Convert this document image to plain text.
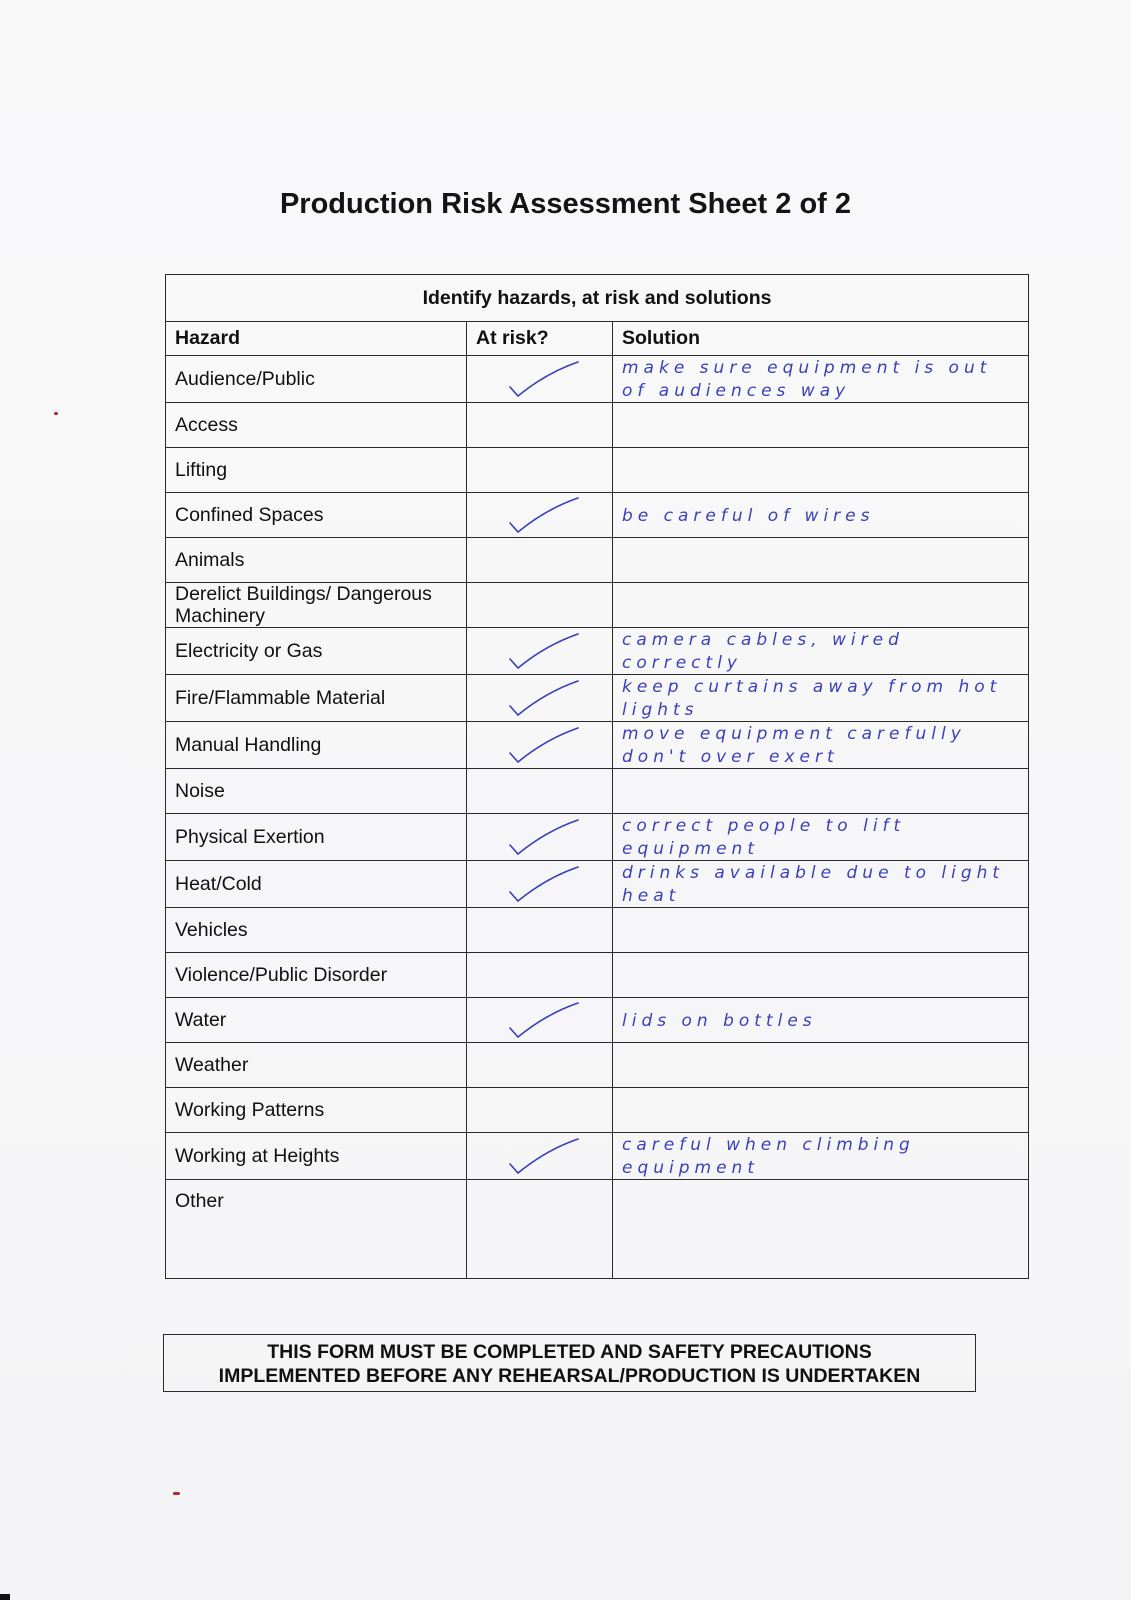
Production Risk Assessment Sheet 2 of 2
Identify hazards, at risk and solutions		
Hazard	At risk?	Solution
Audience/Public		make sure equipment is out of audiences way
Access		
Lifting		
Confined Spaces		be careful of wires
Animals		
Derelict Buildings/ Dangerous Machinery		
Electricity or Gas		camera cables, wired correctly
Fire/Flammable Material		keep curtains away from hot lights
Manual Handling		move equipment carefully don't over exert
Noise		
Physical Exertion		correct people to lift equipment
Heat/Cold		drinks available due to light heat
Vehicles		
Violence/Public Disorder		
Water		lids on bottles
Weather		
Working Patterns		
Working at Heights		careful when climbing equipment
Other		
THIS FORM MUST BE COMPLETED AND SAFETY PRECAUTIONS
IMPLEMENTED BEFORE ANY REHEARSAL/PRODUCTION IS UNDERTAKEN
